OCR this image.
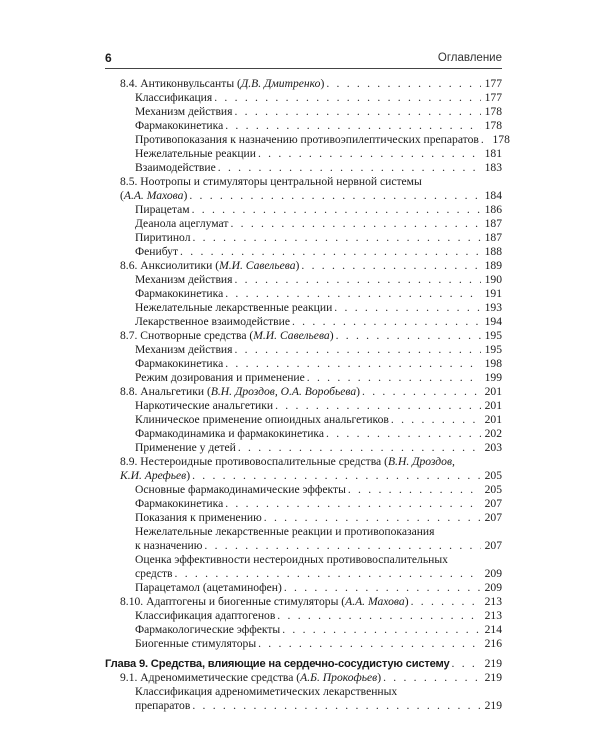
6	Оглавление
8.4. Антиконвульсанты (Д.В. Дмитренко) . . .	177
Классификация . . .	177
Механизм действия . . .	178
Фармакокинетика . . .	178
Противопоказания к назначению противоэпилептических препаратов . . .	178
Нежелательные реакции . . .	181
Взаимодействие . . .	183
8.5. Ноотропы и стимуляторы центральной нервной системы
(А.А. Махова) . . .	184
Пирацетам . . .	186
Деанола ацеглумат . . .	187
Пиритинол . . .	187
Фенибут . . .	188
8.6. Анксиолитики (М.И. Савельева) . . .	189
Механизм действия . . .	190
Фармакокинетика . . .	191
Нежелательные лекарственные реакции . . .	193
Лекарственное взаимодействие . . .	194
8.7. Снотворные средства (М.И. Савельева) . . .	195
Механизм действия . . .	195
Фармакокинетика . . .	198
Режим дозирования и применение . . .	199
8.8. Анальгетики (В.Н. Дроздов, О.А. Воробьева) . . .	201
Наркотические анальгетики . . .	201
Клиническое применение опиоидных анальгетиков . . .	201
Фармакодинамика и фармакокинетика . . .	202
Применение у детей . . .	203
8.9. Нестероидные противовоспалительные средства (В.Н. Дроздов,
К.И. Арефьев) . . .	205
Основные фармакодинамические эффекты . . .	205
Фармакокинетика . . .	207
Показания к применению . . .	207
Нежелательные лекарственные реакции и противопоказания
к назначению . . .	207
Оценка эффективности нестероидных противовоспалительных
средств . . .	209
Парацетамол (ацетаминофен) . . .	209
8.10. Адаптогены и биогенные стимуляторы (А.А. Махова) . . .	213
Классификация адаптогенов . . .	213
Фармакологические эффекты . . .	214
Биогенные стимуляторы . . .	216
Глава 9. Средства, влияющие на сердечно-сосудистую систему . . .	219
9.1. Адреномиметические средства (А.Б. Прокофьев) . . .	219
Классификация адреномиметических лекарственных
препаратов . . .	219
